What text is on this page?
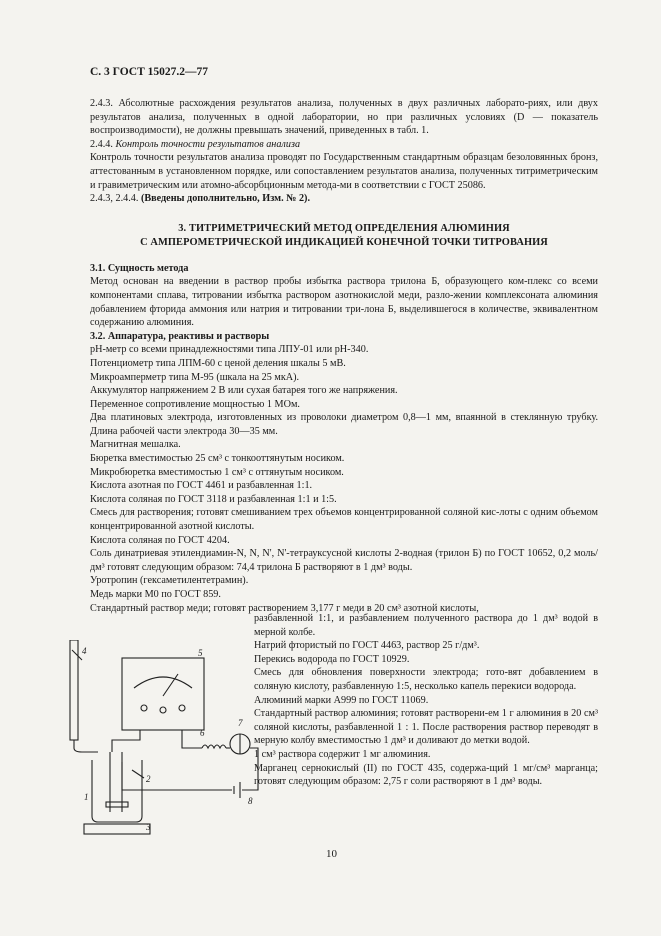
С. 3 ГОСТ 15027.2—77

2.4.3. Абсолютные расхождения результатов анализа, полученных в двух различных лаборато-риях, или двух результатов анализа, полученных в одной лаборатории, но при различных условиях (D — показатель воспроизводимости), не должны превышать значений, приведенных в табл. 1.

2.4.4. Контроль точности результатов анализа

Контроль точности результатов анализа проводят по Государственным стандартным образцам безоловянных бронз, аттестованным в установленном порядке, или сопоставлением результатов анализа, полученных титриметрическим и гравиметрическим или атомно-абсорбционным метода-ми в соответствии с ГОСТ 25086.

2.4.3, 2.4.4. (Введены дополнительно, Изм. № 2).

3. ТИТРИМЕТРИЧЕСКИЙ МЕТОД ОПРЕДЕЛЕНИЯ АЛЮМИНИЯ
С АМПЕРОМЕТРИЧЕСКОЙ ИНДИКАЦИЕЙ КОНЕЧНОЙ ТОЧКИ ТИТРОВАНИЯ

3.1. Сущность метода

Метод основан на введении в раствор пробы избытка раствора трилона Б, образующего ком-плекс со всеми компонентами сплава, титровании избытка раствором азотнокислой меди, разло-жении комплексоната алюминия добавлением фторида аммония или натрия и титровании три-лона Б, выделившегося в количестве, эквивалентном содержанию алюминия.

3.2. Аппаратура, реактивы и растворы

pH-метр со всеми принадлежностями типа ЛПУ-01 или pH-340.

Потенциометр типа ЛПМ-60 с ценой деления шкалы 5 мВ.

Микроамперметр типа М-95 (шкала на 25 мкА).

Аккумулятор напряжением 2 В или сухая батарея того же напряжения.

Переменное сопротивление мощностью 1 МОм.

Два платиновых электрода, изготовленных из проволоки диаметром 0,8—1 мм, впаянной в стеклянную трубку. Длина рабочей части электрода 30—35 мм.

Магнитная мешалка.

Бюретка вместимостью 25 см³ с тонкооттянутым носиком.

Микробюретка вместимостью 1 см³ с оттянутым носиком.

Кислота азотная по ГОСТ 4461 и разбавленная 1:1.

Кислота соляная по ГОСТ 3118 и разбавленная 1:1 и 1:5.

Смесь для растворения; готовят смешиванием трех объемов концентрированной соляной кис-лоты с одним объемом концентрированной азотной кислоты.

Кислота соляная по ГОСТ 4204.

Соль динатриевая этилендиамин-N, N, N', N'-тетрауксусной кислоты 2-водная (трилон Б) по ГОСТ 10652, 0,2 моль/дм³ готовят следующим образом: 74,4 трилона Б растворяют в 1 дм³ воды.

Уротропин (гексаметилентетрамин).

Медь марки М0 по ГОСТ 859.

Стандартный раствор меди; готовят растворением 3,177 г меди в 20 см³ азотной кислоты,

разбавленной 1:1, и разбавлением полученного раствора до 1 дм³ водой в мерной колбе.

Натрий фтористый по ГОСТ 4463, раствор 25 г/дм³.

Перекись водорода по ГОСТ 10929.

Смесь для обновления поверхности электрода; гото-вят добавлением в соляную кислоту, разбавленную 1:5, несколько капель перекиси водорода.

Алюминий марки А999 по ГОСТ 11069.

Стандартный раствор алюминия; готовят растворени-ем 1 г алюминия в 20 см³ соляной кислоты, разбавленной 1 : 1. После растворения раствор переводят в мерную колбу вместимостью 1 дм³ и доливают до метки водой.

1 см³ раствора содержит 1 мг алюминия.

Марганец сернокислый (II) по ГОСТ 435, содержа-щий 1 мг/см³ марганца; готовят следующим образом: 2,75 г соли растворяют в 1 дм³ воды.

4	5
6
7
8
2
1
3
10
